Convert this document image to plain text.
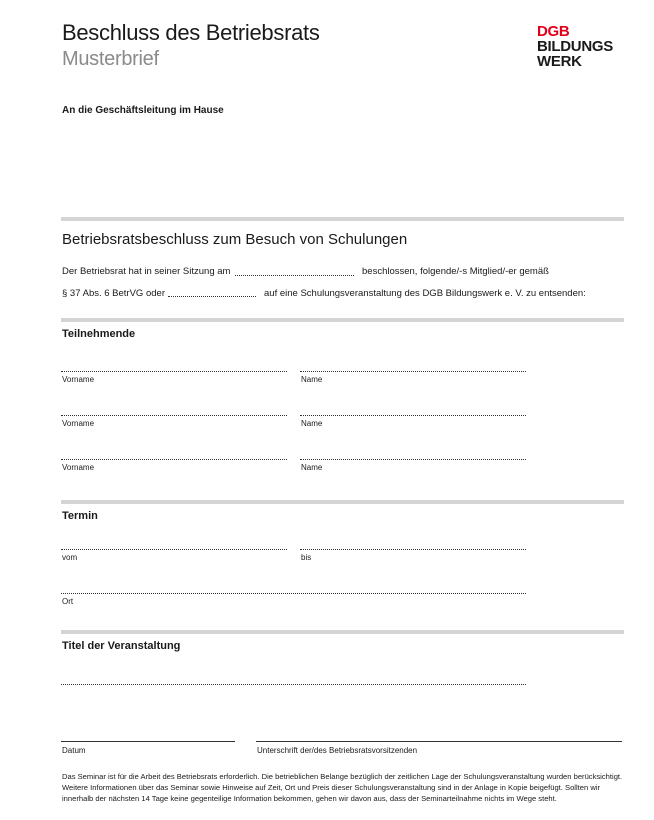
Beschluss des Betriebsrats
Musterbrief
DGB
BILDUNGS
WERK
An die Geschäftsleitung im Hause
Betriebsratsbeschluss zum Besuch von Schulungen
Der Betriebsrat hat in seiner Sitzung am	beschlossen, folgende/-s Mitglied/-er gemäß
§ 37 Abs. 6 BetrVG oder	auf eine Schulungsveranstaltung des DGB Bildungswerk e. V. zu entsenden:
Teilnehmende
Vorname	Name
Vorname	Name
Vorname	Name
Termin
vom	bis
Ort
Titel der Veranstaltung
Datum	Unterschrift der/des Betriebsratsvorsitzenden
Das Seminar ist für die Arbeit des Betriebsrats erforderlich. Die betrieblichen Belange bezüglich der zeitlichen Lage der Schulungsveranstaltung wurden berücksichtigt. Weitere Informationen über das Seminar sowie Hinweise auf Zeit, Ort und Preis dieser Schulungsveranstaltung sind in der Anlage in Kopie beigefügt. Sollten wir innerhalb der nächsten 14 Tage keine gegenteilige Information bekommen, gehen wir davon aus, dass der Seminarteilnahme nichts im Wege steht.
